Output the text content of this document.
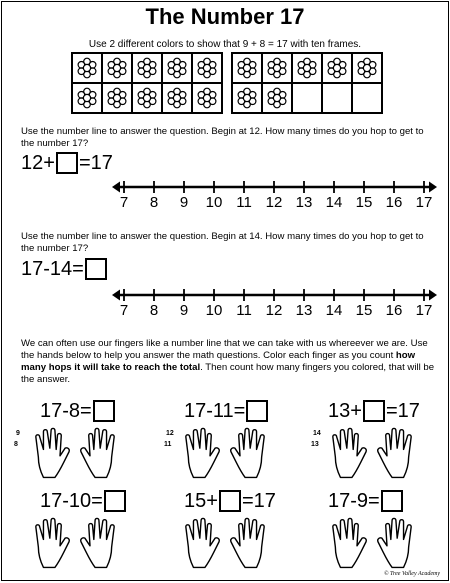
The Number 17
Use 2 different colors to show that 9 + 8 = 17 with ten frames.
Use the number line to answer the question. Begin at 12. How many times do you hop to get to the number 17?
12+ =17
7 8 9 10 11 12 13 14 15 16 17
Use the number line to answer the question. Begin at 14. How many times do you hop to get to the number 17?
17-14=
7 8 9 10 11 12 13 14 15 16 17
We can often use our fingers like a number line that we can take with us whereever we are. Use the hands below to help you answer the math questions. Color each finger as you count how many hops it will take to reach the total. Then count how many fingers you colored, that will be the answer.
17-8=
9
8
17-11=
12
11
13+ =17
14
13
17-10=	15+ =17	17-9=
© Tree Valley Academy
